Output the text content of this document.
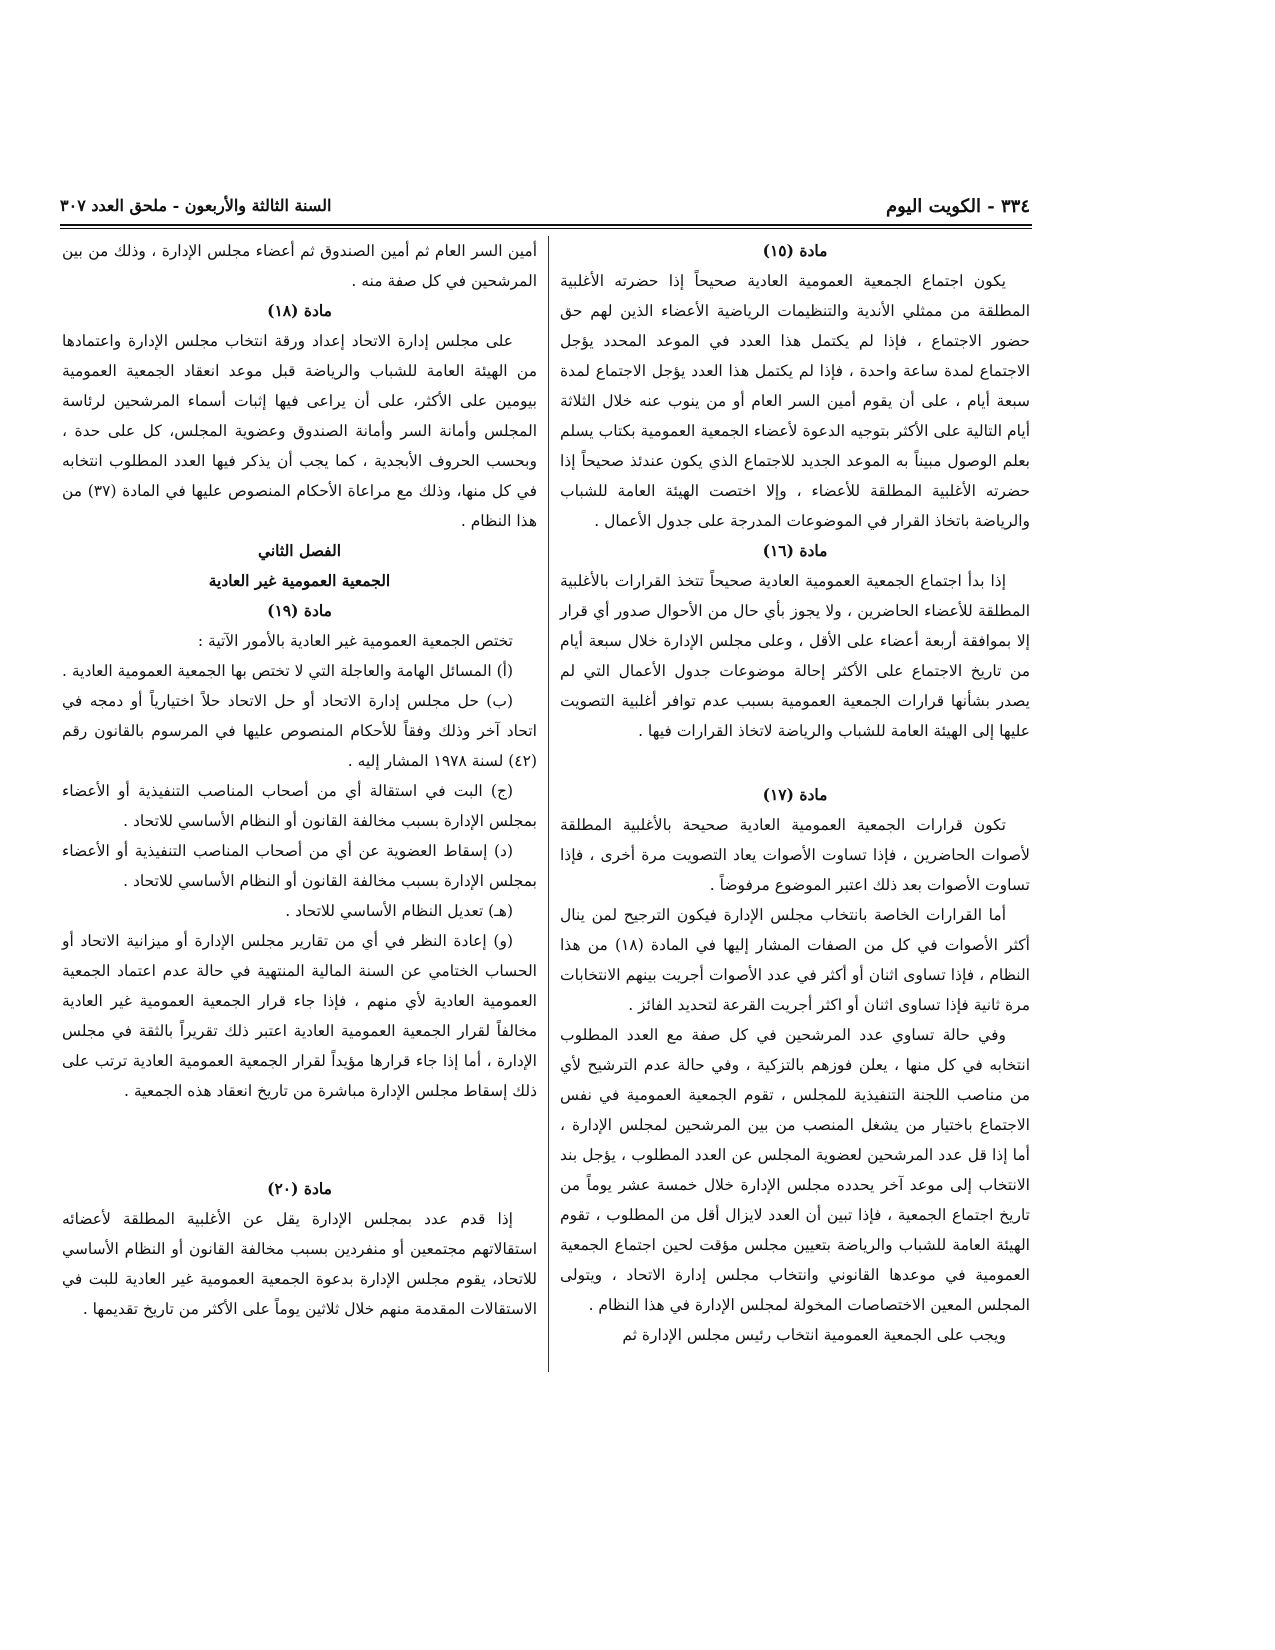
٣٣٤ - الكويت اليوم
السنة الثالثة والأربعون - ملحق العدد ٣٠٧

مادة (١٥)

يكون اجتماع الجمعية العمومية العادية صحيحاً إذا حضرته الأغلبية المطلقة من ممثلي الأندية والتنظيمات الرياضية الأعضاء الذين لهم حق حضور الاجتماع ، فإذا لم يكتمل هذا العدد في الموعد المحدد يؤجل الاجتماع لمدة ساعة واحدة ، فإذا لم يكتمل هذا العدد يؤجل الاجتماع لمدة سبعة أيام ، على أن يقوم أمين السر العام أو من ينوب عنه خلال الثلاثة أيام التالية على الأكثر بتوجيه الدعوة لأعضاء الجمعية العمومية بكتاب يسلم بعلم الوصول مبيناً به الموعد الجديد للاجتماع الذي يكون عندئذ صحيحاً إذا حضرته الأغلبية المطلقة للأعضاء ، وإلا اختصت الهيئة العامة للشباب والرياضة باتخاذ القرار في الموضوعات المدرجة على جدول الأعمال .

مادة (١٦)

إذا بدأ اجتماع الجمعية العمومية العادية صحيحاً تتخذ القرارات بالأغلبية المطلقة للأعضاء الحاضرين ، ولا يجوز بأي حال من الأحوال صدور أي قرار إلا بموافقة أربعة أعضاء على الأقل ، وعلى مجلس الإدارة خلال سبعة أيام من تاريخ الاجتماع على الأكثر إحالة موضوعات جدول الأعمال التي لم يصدر بشأنها قرارات الجمعية العمومية بسبب عدم توافر أغلبية التصويت عليها إلى الهيئة العامة للشباب والرياضة لاتخاذ القرارات فيها .

مادة (١٧)

تكون قرارات الجمعية العمومية العادية صحيحة بالأغلبية المطلقة لأصوات الحاضرين ، فإذا تساوت الأصوات يعاد التصويت مرة أخرى ، فإذا تساوت الأصوات بعد ذلك اعتبر الموضوع مرفوضاً .

أما القرارات الخاصة بانتخاب مجلس الإدارة فيكون الترجيح لمن ينال أكثر الأصوات في كل من الصفات المشار إليها في المادة (١٨) من هذا النظام ، فإذا تساوى اثنان أو أكثر في عدد الأصوات أجريت بينهم الانتخابات مرة ثانية فإذا تساوى اثنان أو اكثر أجريت القرعة لتحديد الفائز .

وفي حالة تساوي عدد المرشحين في كل صفة مع العدد المطلوب انتخابه في كل منها ، يعلن فوزهم بالتزكية ، وفي حالة عدم الترشيح لأي من مناصب اللجنة التنفيذية للمجلس ، تقوم الجمعية العمومية في نفس الاجتماع باختيار من يشغل المنصب من بين المرشحين لمجلس الإدارة ، أما إذا قل عدد المرشحين لعضوية المجلس عن العدد المطلوب ، يؤجل بند الانتخاب إلى موعد آخر يحدده مجلس الإدارة خلال خمسة عشر يوماً من تاريخ اجتماع الجمعية ، فإذا تبين أن العدد لايزال أقل من المطلوب ، تقوم الهيئة العامة للشباب والرياضة بتعيين مجلس مؤقت لحين اجتماع الجمعية العمومية في موعدها القانوني وانتخاب مجلس إدارة الاتحاد ، ويتولى المجلس المعين الاختصاصات المخولة لمجلس الإدارة في هذا النظام .

ويجب على الجمعية العمومية انتخاب رئيس مجلس الإدارة ثم

أمين السر العام ثم أمين الصندوق ثم أعضاء مجلس الإدارة ، وذلك من بين المرشحين في كل صفة منه .

مادة (١٨)

على مجلس إدارة الاتحاد إعداد ورقة انتخاب مجلس الإدارة واعتمادها من الهيئة العامة للشباب والرياضة قبل موعد انعقاد الجمعية العمومية بيومين على الأكثر، على أن يراعى فيها إثبات أسماء المرشحين لرئاسة المجلس وأمانة السر وأمانة الصندوق وعضوية المجلس، كل على حدة ، وبحسب الحروف الأبجدية ، كما يجب أن يذكر فيها العدد المطلوب انتخابه في كل منها، وذلك مع مراعاة الأحكام المنصوص عليها في المادة (٣٧) من هذا النظام .

الفصل الثاني

الجمعية العمومية غير العادية

مادة (١٩)

تختص الجمعية العمومية غير العادية بالأمور الآتية :

(أ) المسائل الهامة والعاجلة التي لا تختص بها الجمعية العمومية العادية .

(ب) حل مجلس إدارة الاتحاد أو حل الاتحاد حلاً اختيارياً أو دمجه في اتحاد آخر وذلك وفقاً للأحكام المنصوص عليها في المرسوم بالقانون رقم (٤٢) لسنة ١٩٧٨ المشار إليه .

(ج) البت في استقالة أي من أصحاب المناصب التنفيذية أو الأعضاء بمجلس الإدارة بسبب مخالفة القانون أو النظام الأساسي للاتحاد .

(د) إسقاط العضوية عن أي من أصحاب المناصب التنفيذية أو الأعضاء بمجلس الإدارة بسبب مخالفة القانون أو النظام الأساسي للاتحاد .

(هـ) تعديل النظام الأساسي للاتحاد .

(و) إعادة النظر في أي من تقارير مجلس الإدارة أو ميزانية الاتحاد أو الحساب الختامي عن السنة المالية المنتهية في حالة عدم اعتماد الجمعية العمومية العادية لأي منهم ، فإذا جاء قرار الجمعية العمومية غير العادية مخالفاً لقرار الجمعية العمومية العادية اعتبر ذلك تقريراً بالثقة في مجلس الإدارة ، أما إذا جاء قرارها مؤيداً لقرار الجمعية العمومية العادية ترتب على ذلك إسقاط مجلس الإدارة مباشرة من تاريخ انعقاد هذه الجمعية .

مادة (٢٠)

إذا قدم عدد بمجلس الإدارة يقل عن الأغلبية المطلقة لأعضائه استقالاتهم مجتمعين أو منفردين بسبب مخالفة القانون أو النظام الأساسي للاتحاد، يقوم مجلس الإدارة بدعوة الجمعية العمومية غير العادية للبت في الاستقالات المقدمة منهم خلال ثلاثين يوماً على الأكثر من تاريخ تقديمها .
